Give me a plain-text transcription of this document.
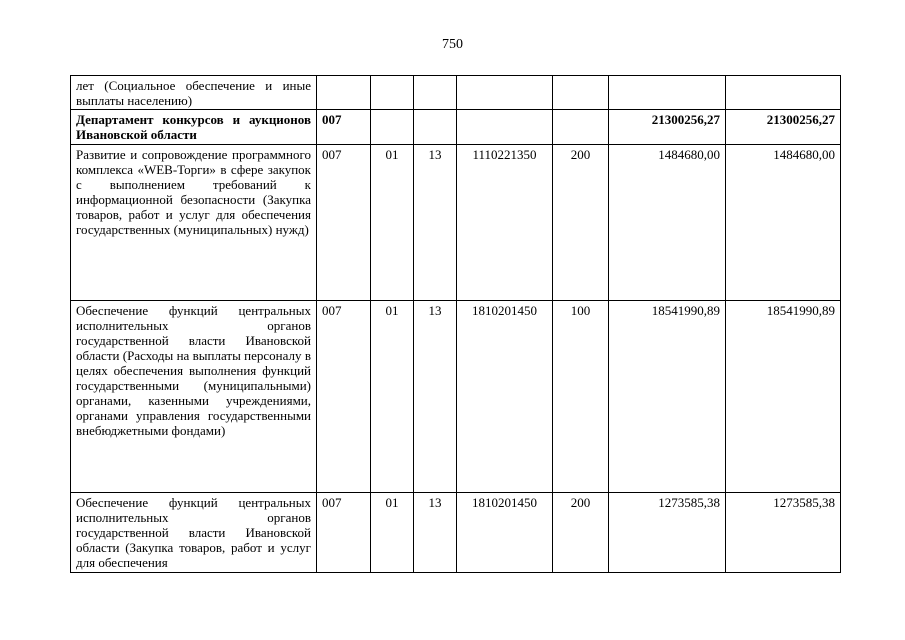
750
лет (Социальное обеспечение и иные выплаты населению)							
Департамент конкурсов и аукционов Ивановской области	007					21300256,27	21300256,27
Развитие и сопровождение программного комплекса «WEB-Торги» в сфере закупок с выполнением требований к информационной безопасности (Закупка товаров, работ и услуг для обеспечения государственных (муниципальных) нужд)	007	01	13	1110221350	200	1484680,00	1484680,00
Обеспечение функций центральных исполнительных органов государственной власти Ивановской области (Расходы на выплаты персоналу в целях обеспечения выполнения функций государственными (муниципальными) органами, казенными учреждениями, органами управления государственными внебюджетными фондами)	007	01	13	1810201450	100	18541990,89	18541990,89
Обеспечение функций центральных исполнительных органов государственной власти Ивановской области (Закупка товаров, работ и услуг для обеспечения	007	01	13	1810201450	200	1273585,38	1273585,38
